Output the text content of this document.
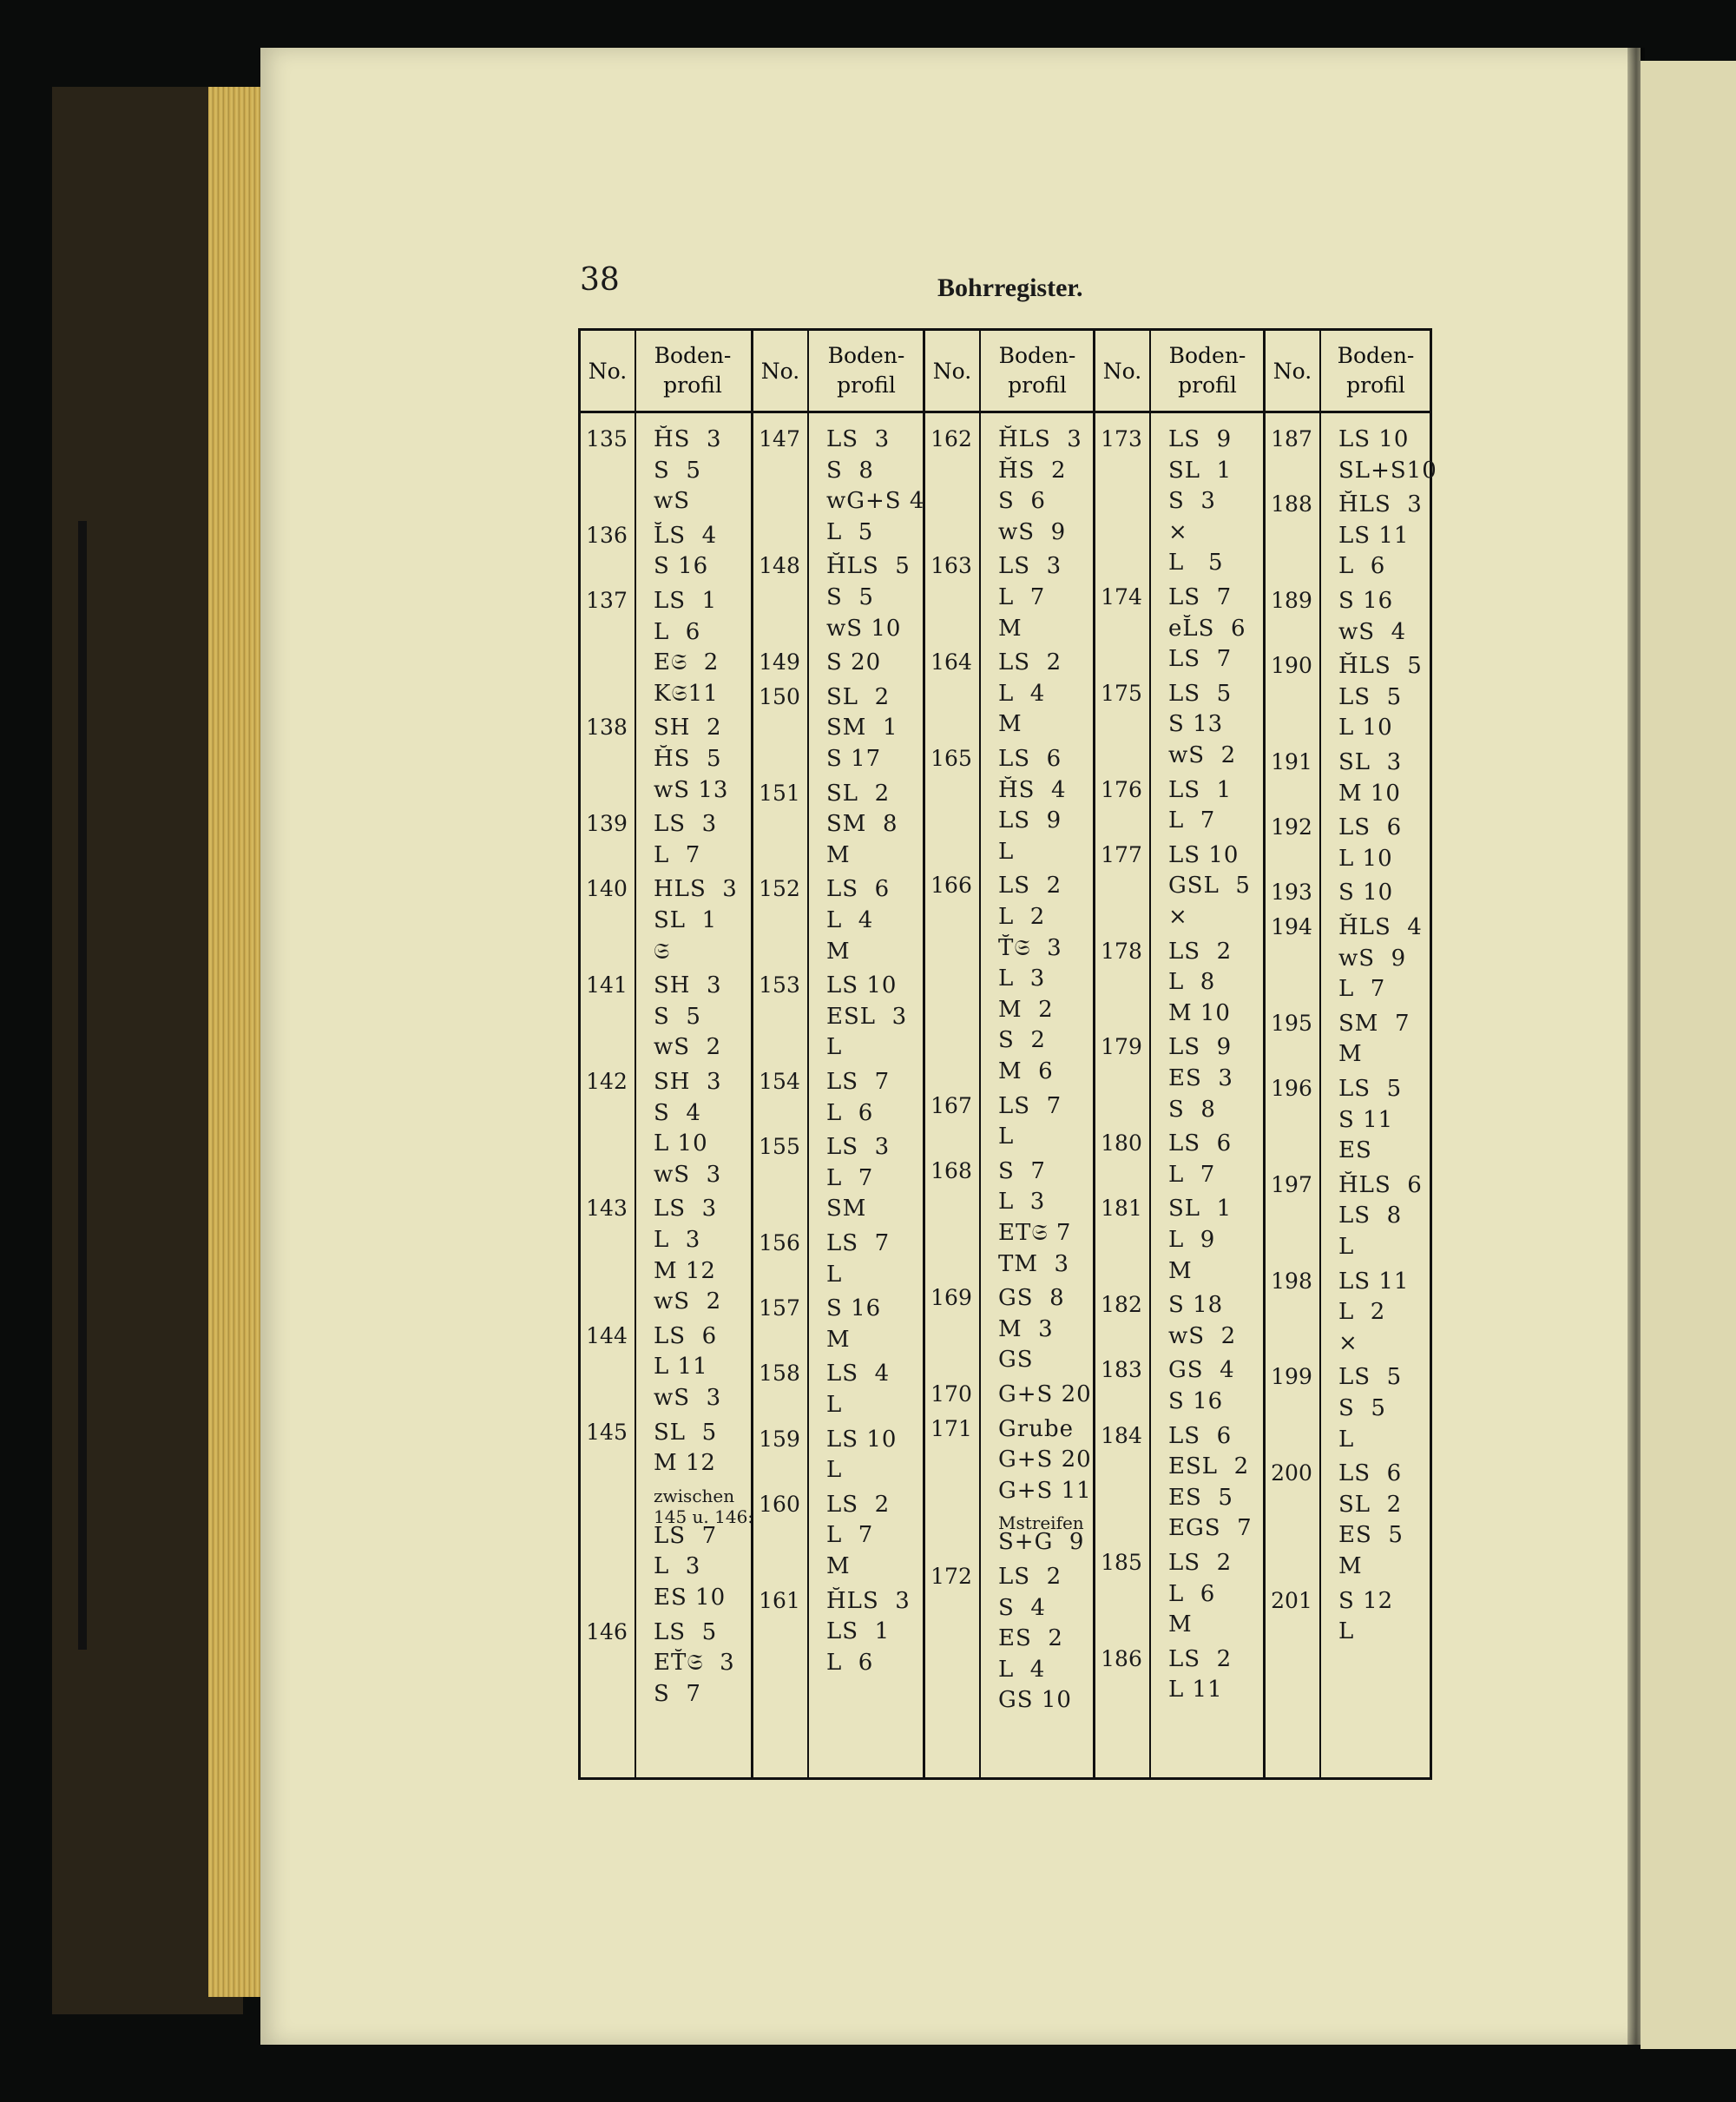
38	Bohrregister.
No.
Boden-
profil
135 H̆S  3
S  5
wS
136 L̆S  4
S 16
137 LS  1
L  6
E𝔖  2
K𝔖11
138 SH  2
H̆S  5
wS 13
139 LS  3
L  7
140 HLS  3
SL  1
𝔖
141 SH  3
S  5
wS  2
142 SH  3
S  4
L 10
wS  3
143 LS  3
L  3
M 12
wS  2
144 LS  6
L 11
wS  3
145 SL  5
M 12
zwischen
145 u. 146:
LS  7
L  3
ES 10
146 LS  5
ET̆𝔖  3
S  7
No.
Boden-
profil
147 LS  3
S  8
wG+S 4
L  5
148 H̆LS  5
S  5
wS 10
149 S 20
150 SL  2
SM  1
S 17
151 SL  2
SM  8
M
152 LS  6
L  4
M
153 LS 10
ESL  3
L
154 LS  7
L  6
155 LS  3
L  7
SM
156 LS  7
L
157 S 16
M
158 LS  4
L
159 LS 10
L
160 LS  2
L  7
M
161 H̆LS  3
LS  1
L  6
No.
Boden-
profil
162 H̆LS  3
H̆S  2
S  6
wS  9
163 LS  3
L  7
M
164 LS  2
L  4
M
165 LS  6
H̆S  4
LS  9
L
166 LS  2
L  2
T̆𝔖  3
L  3
M  2
S  2
M  6
167 LS  7
L
168 S  7
L  3
ET𝔖 7
TM  3
169 GS  8
M  3
GS
170 G+S 20
171 Grube
G+S 20
G+S 11
Mstreifen
S+G  9
172 LS  2
S  4
ES  2
L  4
GS 10
No.
Boden-
profil
173 LS  9
SL  1
S  3
×
L   5
174 LS  7
eL̆S  6
LS  7
175 LS  5
S 13
wS  2
176 LS  1
L  7
177 LS 10
GSL  5
×
178 LS  2
L  8
M 10
179 LS  9
ES  3
S  8
180 LS  6
L  7
181 SL  1
L  9
M
182 S 18
wS  2
183 GS  4
S 16
184 LS  6
ESL  2
ES  5
EGS  7
185 LS  2
L  6
M
186 LS  2
L 11
No.
Boden-
profil
187 LS 10
SL+S10
188 H̆LS  3
LS 11
L  6
189 S 16
wS  4
190 H̆LS  5
LS  5
L 10
191 SL  3
M 10
192 LS  6
L 10
193 S 10
194 H̆LS  4
wS  9
L  7
195 SM  7
M
196 LS  5
S 11
ES
197 H̆LS  6
LS  8
L
198 LS 11
L  2
×
199 LS  5
S  5
L
200 LS  6
SL  2
ES  5
M
201 S 12
L
